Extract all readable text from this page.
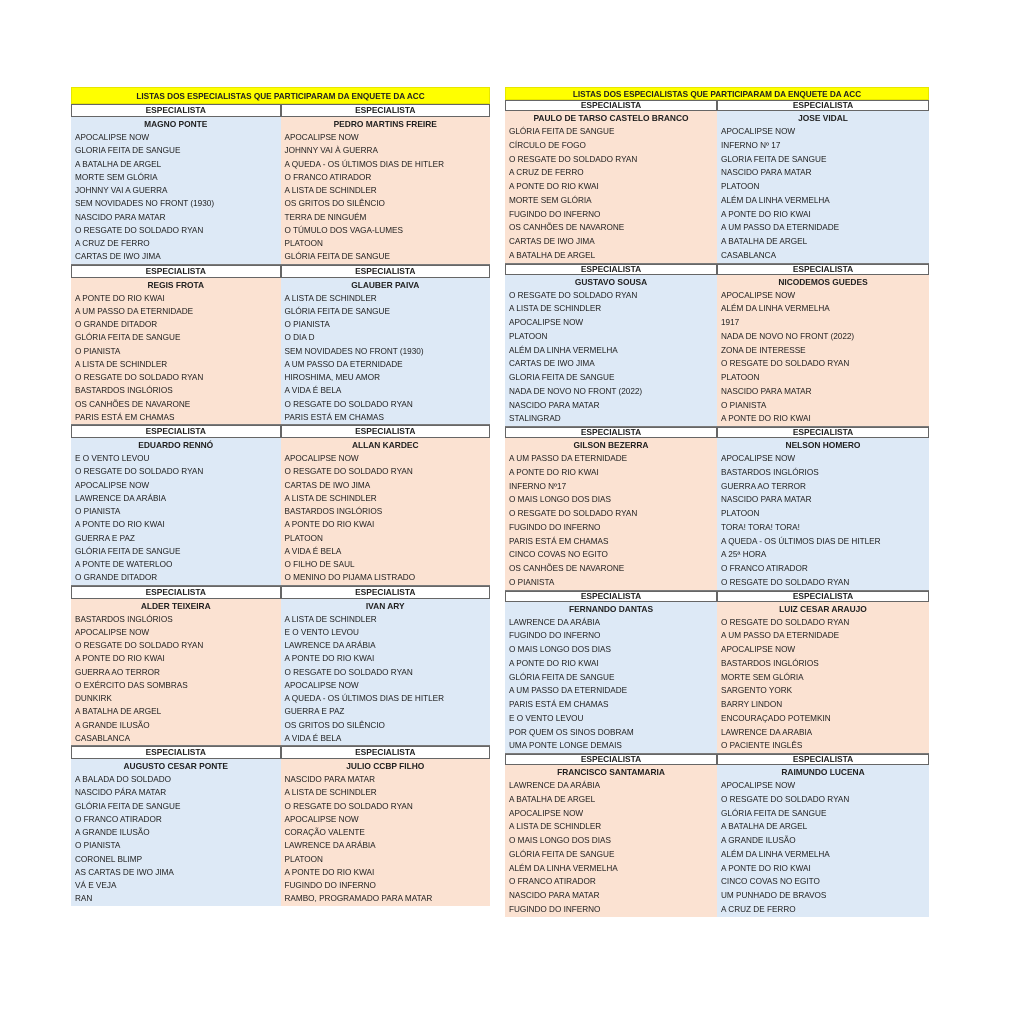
LISTAS DOS ESPECIALISTAS QUE PARTICIPARAM DA ENQUETE DA ACC
ESPECIALISTA
MAGNO PONTE
APOCALIPSE NOW
GLORIA FEITA DE SANGUE
A BATALHA DE ARGEL
MORTE SEM GLÓRIA
JOHNNY VAI A GUERRA
SEM NOVIDADES NO FRONT (1930)
NASCIDO PARA MATAR
O RESGATE DO SOLDADO RYAN
A CRUZ DE FERRO
CARTAS DE IWO JIMA
ESPECIALISTA
PEDRO MARTINS FREIRE
APOCALIPSE NOW
JOHNNY VAI À GUERRA
A QUEDA - OS ÚLTIMOS DIAS DE HITLER
O FRANCO ATIRADOR
A LISTA DE SCHINDLER
OS GRITOS DO SILÊNCIO
TERRA DE NINGUÉM
O TÚMULO DOS VAGA-LUMES
PLATOON
GLÓRIA FEITA DE SANGUE
ESPECIALISTA
REGIS FROTA
A PONTE DO RIO KWAI
A UM PASSO DA ETERNIDADE
O GRANDE DITADOR
GLÓRIA FEITA DE SANGUE
O PIANISTA
A LISTA DE SCHINDLER
O RESGATE DO SOLDADO RYAN
BASTARDOS INGLÓRIOS
OS CANHÕES DE NAVARONE
PARIS ESTÁ EM CHAMAS
ESPECIALISTA
GLAUBER PAIVA
A LISTA DE SCHINDLER
GLÓRIA FEITA DE SANGUE
O PIANISTA
O DIA D
SEM NOVIDADES NO FRONT (1930)
A UM PASSO DA ETERNIDADE
HIROSHIMA, MEU AMOR
A VIDA É BELA
O RESGATE DO SOLDADO RYAN
PARIS ESTÁ EM CHAMAS
ESPECIALISTA
EDUARDO RENNÓ
E O VENTO LEVOU
O RESGATE DO SOLDADO RYAN
APOCALIPSE NOW
LAWRENCE DA ARÁBIA
O PIANISTA
A PONTE DO RIO KWAI
GUERRA E PAZ
GLÓRIA FEITA DE SANGUE
A PONTE DE WATERLOO
O GRANDE DITADOR
ESPECIALISTA
ALLAN KARDEC
APOCALIPSE NOW
O RESGATE DO SOLDADO RYAN
CARTAS DE IWO JIMA
A LISTA DE SCHINDLER
BASTARDOS INGLÓRIOS
A PONTE DO RIO KWAI
PLATOON
A VIDA É BELA
O FILHO DE SAUL
O MENINO DO PIJAMA LISTRADO
ESPECIALISTA
ALDER TEIXEIRA
BASTARDOS INGLÓRIOS
APOCALIPSE NOW
O RESGATE DO SOLDADO RYAN
A PONTE DO RIO KWAI
GUERRA AO TERROR
O EXÉRCITO DAS SOMBRAS
DUNKIRK
A BATALHA DE ARGEL
A GRANDE ILUSÃO
CASABLANCA
ESPECIALISTA
IVAN ARY
A LISTA DE SCHINDLER
E O VENTO LEVOU
LAWRENCE DA ARÁBIA
A PONTE DO RIO KWAI
O RESGATE DO SOLDADO RYAN
APOCALIPSE NOW
A QUEDA - OS ÚLTIMOS DIAS DE HITLER
GUERRA E PAZ
OS GRITOS DO SILÊNCIO
A VIDA É BELA
ESPECIALISTA
AUGUSTO CESAR PONTE
A BALADA DO SOLDADO
NASCIDO PÁRA MATAR
GLÓRIA FEITA DE SANGUE
O FRANCO ATIRADOR
A GRANDE ILUSÃO
O PIANISTA
CORONEL BLIMP
AS CARTAS DE IWO JIMA
VÁ E VEJA
RAN
ESPECIALISTA
JULIO CCBP FILHO
NASCIDO PARA MATAR
A LISTA DE SCHINDLER
O RESGATE DO SOLDADO RYAN
APOCALIPSE NOW
CORAÇÃO VALENTE
LAWRENCE DA ARÁBIA
PLATOON
A PONTE DO RIO KWAI
FUGINDO DO INFERNO
RAMBO, PROGRAMADO PARA MATAR
LISTAS DOS ESPECIALISTAS QUE PARTICIPARAM DA ENQUETE DA ACC
ESPECIALISTA
PAULO DE TARSO CASTELO BRANCO
GLÓRIA FEITA DE SANGUE
CÍRCULO DE FOGO
O RESGATE DO SOLDADO RYAN
A CRUZ DE FERRO
A PONTE DO RIO KWAI
MORTE SEM GLÓRIA
FUGINDO DO INFERNO
OS CANHÕES DE NAVARONE
CARTAS DE IWO JIMA
A BATALHA DE ARGEL
ESPECIALISTA
JOSE VIDAL
APOCALIPSE NOW
INFERNO Nº 17
GLORIA FEITA DE SANGUE
NASCIDO PARA MATAR
PLATOON
ALÉM DA LINHA VERMELHA
A PONTE DO RIO KWAI
A UM PASSO DA ETERNIDADE
A BATALHA DE ARGEL
CASABLANCA
ESPECIALISTA
GUSTAVO SOUSA
O RESGATE DO SOLDADO RYAN
A LISTA DE SCHINDLER
APOCALIPSE NOW
PLATOON
ALÉM DA LINHA VERMELHA
CARTAS DE IWO JIMA
GLORIA FEITA DE SANGUE
NADA DE NOVO NO FRONT (2022)
NASCIDO PARA MATAR
STALINGRAD
ESPECIALISTA
NICODEMOS GUEDES
APOCALIPSE NOW
ALÉM DA LINHA VERMELHA
1917
NADA DE NOVO NO FRONT (2022)
ZONA DE INTERESSE
O RESGATE DO SOLDADO RYAN
PLATOON
NASCIDO PARA MATAR
O PIANISTA
A PONTE DO RIO KWAI
ESPECIALISTA
GILSON BEZERRA
A UM PASSO DA ETERNIDADE
A PONTE DO RIO KWAI
INFERNO Nº17
O MAIS LONGO DOS DIAS
O RESGATE DO SOLDADO RYAN
FUGINDO DO INFERNO
PARIS ESTÁ EM CHAMAS
CINCO COVAS NO EGITO
OS CANHÕES DE NAVARONE
O PIANISTA
ESPECIALISTA
NELSON HOMERO
APOCALIPSE NOW
BASTARDOS INGLÓRIOS
GUERRA AO TERROR
NASCIDO PARA MATAR
PLATOON
TORA! TORA! TORA!
A QUEDA - OS ÚLTIMOS DIAS DE HITLER
A 25ª HORA
O FRANCO ATIRADOR
O RESGATE DO SOLDADO RYAN
ESPECIALISTA
FERNANDO DANTAS
LAWRENCE DA ARÁBIA
FUGINDO DO INFERNO
O MAIS LONGO DOS DIAS
A PONTE DO RIO KWAI
GLÓRIA FEITA DE SANGUE
A UM PASSO DA ETERNIDADE
PARIS ESTÁ EM CHAMAS
E O VENTO LEVOU
POR QUEM OS SINOS DOBRAM
UMA PONTE LONGE DEMAIS
ESPECIALISTA
LUIZ CESAR ARAUJO
O RESGATE DO SOLDADO RYAN
A UM PASSO DA ETERNIDADE
APOCALIPSE NOW
BASTARDOS INGLÓRIOS
MORTE SEM GLÓRIA
SARGENTO YORK
BARRY LINDON
ENCOURAÇADO POTEMKIN
LAWRENCE DA ARABIA
O PACIENTE INGLÊS
ESPECIALISTA
FRANCISCO SANTAMARIA
LAWRENCE DA ARÁBIA
A BATALHA DE ARGEL
APOCALIPSE NOW
A LISTA DE SCHINDLER
O MAIS LONGO DOS DIAS
GLÓRIA FEITA DE SANGUE
ALÉM DA LINHA VERMELHA
O FRANCO ATIRADOR
NASCIDO PARA MATAR
FUGINDO DO INFERNO
ESPECIALISTA
RAIMUNDO LUCENA
APOCALIPSE NOW
O RESGATE DO SOLDADO RYAN
GLÓRIA FEITA DE SANGUE
A BATALHA DE ARGEL
A GRANDE ILUSÃO
ALÉM DA LINHA VERMELHA
A PONTE DO RIO KWAI
CINCO COVAS NO EGITO
UM PUNHADO DE BRAVOS
A CRUZ DE FERRO
